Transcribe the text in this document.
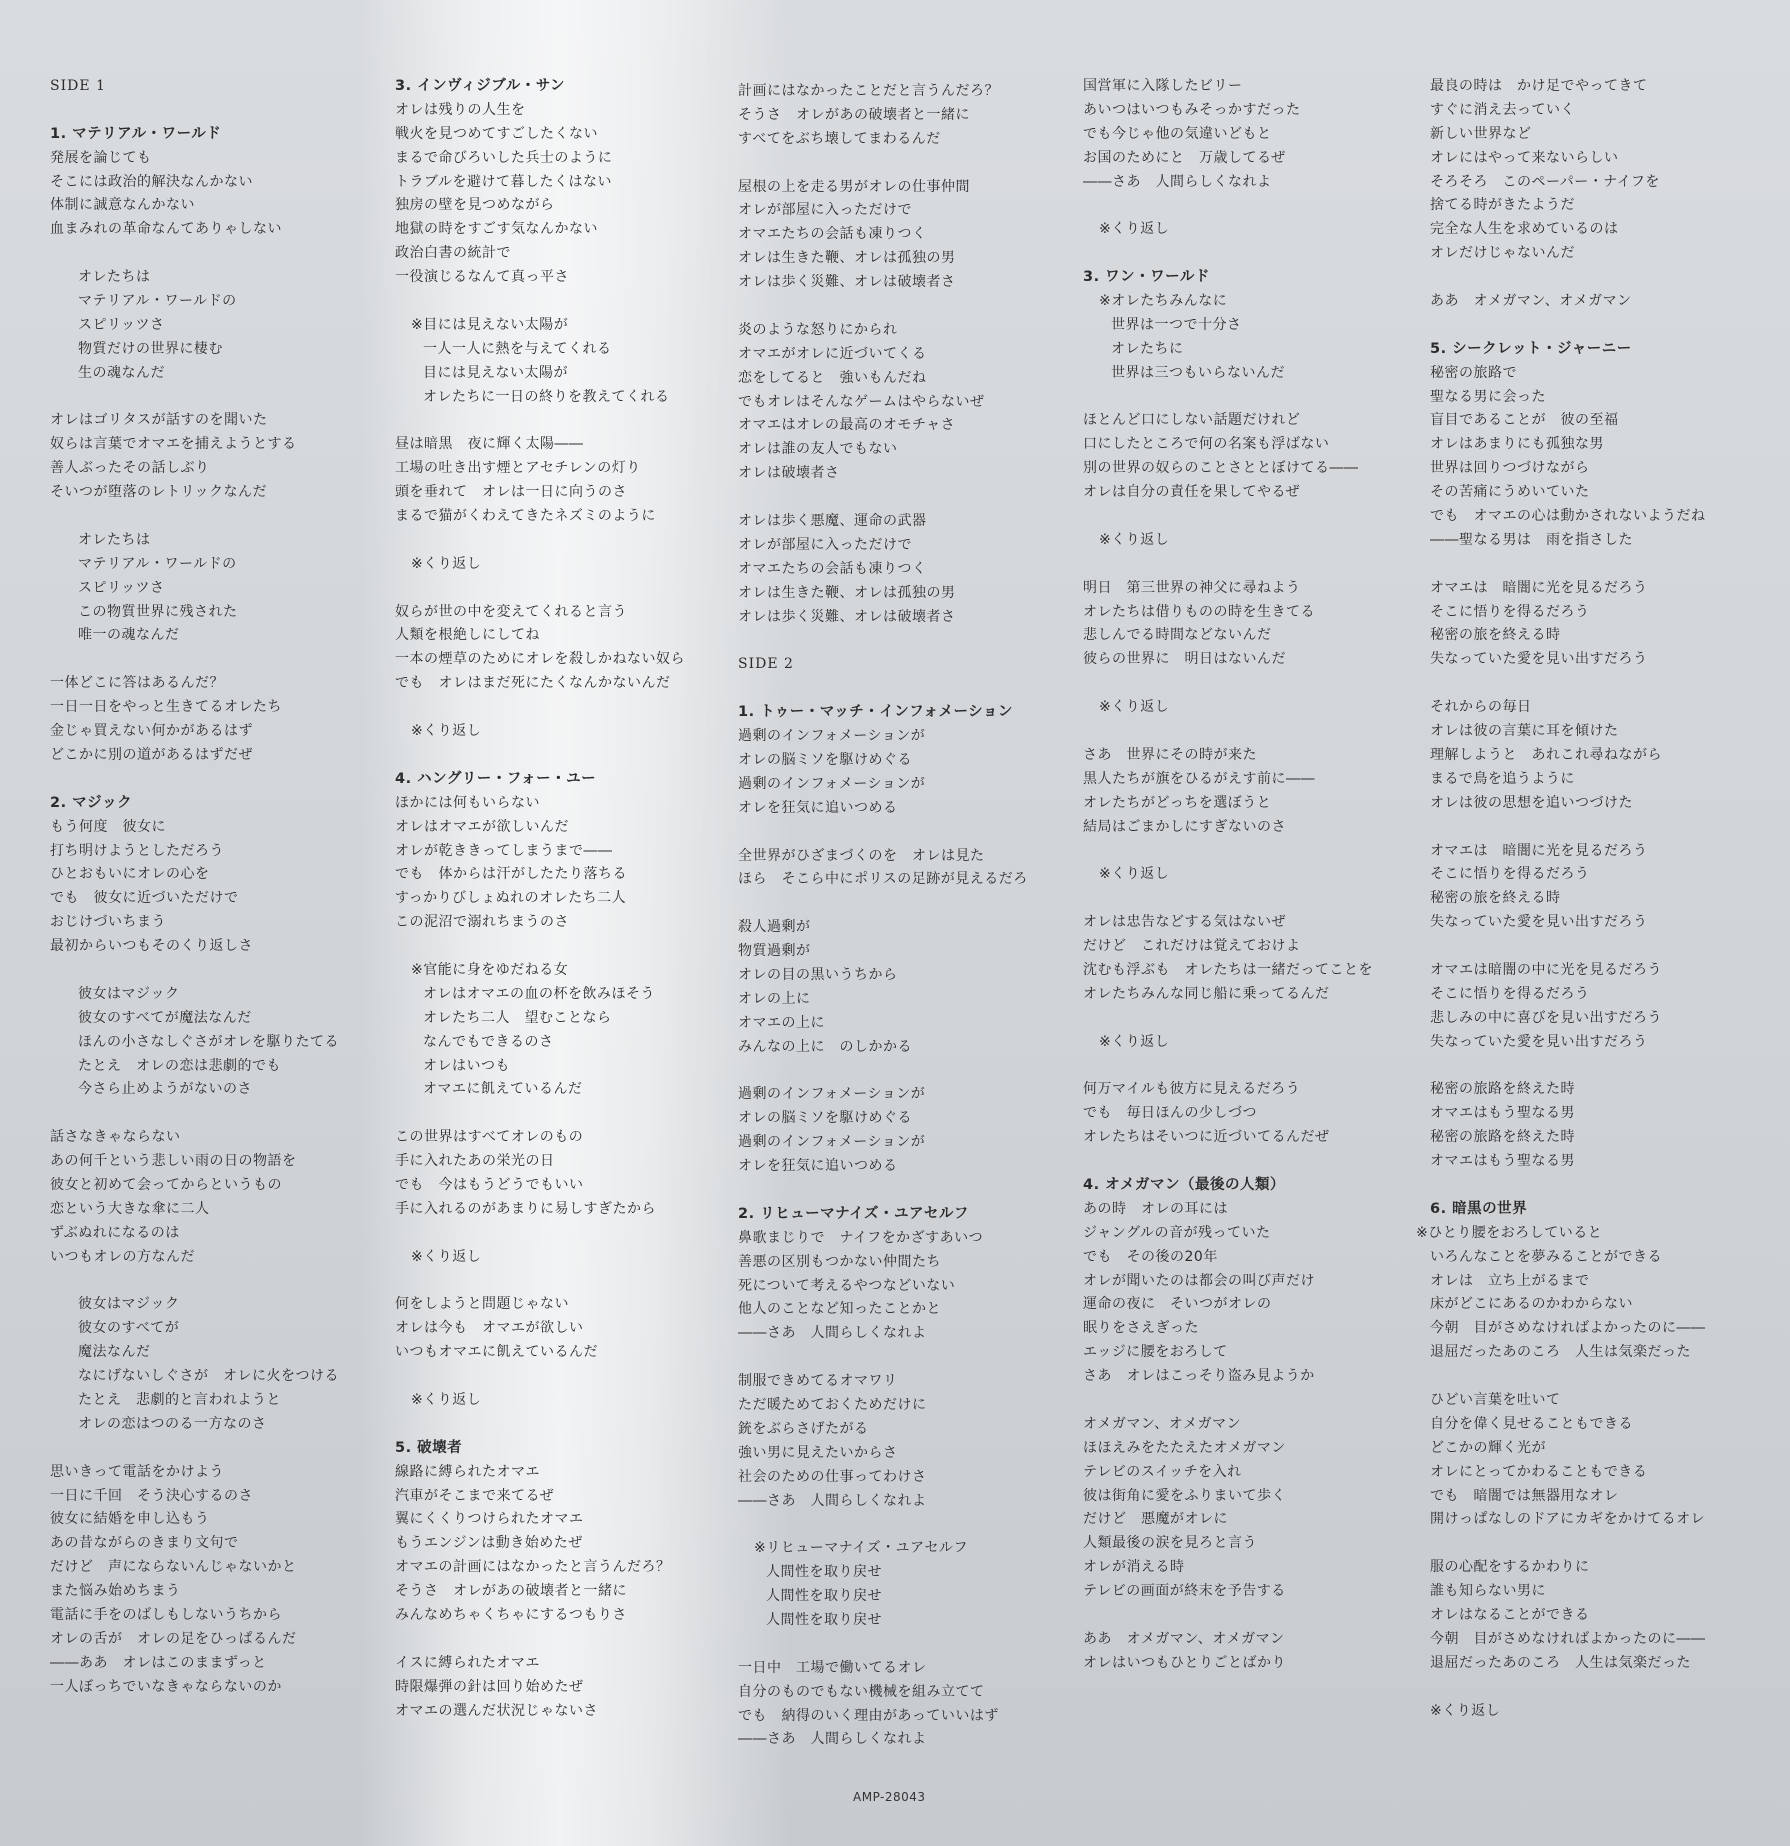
SIDE 1
1. マテリアル・ワールド
発展を論じても
そこには政治的解決なんかない
体制に誠意なんかない
血まみれの革命なんてありゃしない
オレたちは
マテリアル・ワールドの
スピリッツさ
物質だけの世界に棲む
生の魂なんだ
オレはゴリタスが話すのを聞いた
奴らは言葉でオマエを捕えようとする
善人ぶったその話しぶり
そいつが堕落のレトリックなんだ
オレたちは
マテリアル・ワールドの
スピリッツさ
この物質世界に残された
唯一の魂なんだ
一体どこに答はあるんだ？
一日一日をやっと生きてるオレたち
金じゃ買えない何かがあるはず
どこかに別の道があるはずだぜ
2. マジック
もう何度　彼女に
打ち明けようとしただろう
ひとおもいにオレの心を
でも　彼女に近づいただけで
おじけづいちまう
最初からいつもそのくり返しさ
彼女はマジック
彼女のすべてが魔法なんだ
ほんの小さなしぐさがオレを駆りたてる
たとえ　オレの恋は悲劇的でも
今さら止めようがないのさ
話さなきゃならない
あの何千という悲しい雨の日の物語を
彼女と初めて会ってからというもの
恋という大きな傘に二人
ずぶぬれになるのは
いつもオレの方なんだ
彼女はマジック
彼女のすべてが
魔法なんだ
なにげないしぐさが　オレに火をつける
たとえ　悲劇的と言われようと
オレの恋はつのる一方なのさ
思いきって電話をかけよう
一日に千回　そう決心するのさ
彼女に結婚を申し込もう
あの昔ながらのきまり文句で
だけど　声にならないんじゃないかと
また悩み始めちまう
電話に手をのばしもしないうちから
オレの舌が　オレの足をひっぱるんだ
――ああ　オレはこのままずっと
一人ぼっちでいなきゃならないのか
3. インヴィジブル・サン
オレは残りの人生を
戦火を見つめてすごしたくない
まるで命びろいした兵士のように
トラブルを避けて暮したくはない
独房の壁を見つめながら
地獄の時をすごす気なんかない
政治白書の統計で
一役演じるなんて真っ平さ
※目には見えない太陽が
一人一人に熱を与えてくれる
目には見えない太陽が
オレたちに一日の終りを教えてくれる
昼は暗黒　夜に輝く太陽――
工場の吐き出す煙とアセチレンの灯り
頭を垂れて　オレは一日に向うのさ
まるで猫がくわえてきたネズミのように
※くり返し
奴らが世の中を変えてくれると言う
人類を根絶しにしてね
一本の煙草のためにオレを殺しかねない奴ら
でも　オレはまだ死にたくなんかないんだ
※くり返し
4. ハングリー・フォー・ユー
ほかには何もいらない
オレはオマエが欲しいんだ
オレが乾ききってしまうまで――
でも　体からは汗がしたたり落ちる
すっかりびしょぬれのオレたち二人
この泥沼で溺れちまうのさ
※官能に身をゆだねる女
オレはオマエの血の杯を飲みほそう
オレたち二人　望むことなら
なんでもできるのさ
オレはいつも
オマエに飢えているんだ
この世界はすべてオレのもの
手に入れたあの栄光の日
でも　今はもうどうでもいい
手に入れるのがあまりに易しすぎたから
※くり返し
何をしようと問題じゃない
オレは今も　オマエが欲しい
いつもオマエに飢えているんだ
※くり返し
5. 破壊者
線路に縛られたオマエ
汽車がそこまで来てるぜ
翼にくくりつけられたオマエ
もうエンジンは動き始めたぜ
オマエの計画にはなかったと言うんだろ？
そうさ　オレがあの破壊者と一緒に
みんなめちゃくちゃにするつもりさ
イスに縛られたオマエ
時限爆弾の針は回り始めたぜ
オマエの選んだ状況じゃないさ
計画にはなかったことだと言うんだろ？
そうさ　オレがあの破壊者と一緒に
すべてをぶち壊してまわるんだ
屋根の上を走る男がオレの仕事仲間
オレが部屋に入っただけで
オマエたちの会話も凍りつく
オレは生きた鞭、オレは孤独の男
オレは歩く災難、オレは破壊者さ
炎のような怒りにかられ
オマエがオレに近づいてくる
恋をしてると　強いもんだね
でもオレはそんなゲームはやらないぜ
オマエはオレの最高のオモチャさ
オレは誰の友人でもない
オレは破壊者さ
オレは歩く悪魔、運命の武器
オレが部屋に入っただけで
オマエたちの会話も凍りつく
オレは生きた鞭、オレは孤独の男
オレは歩く災難、オレは破壊者さ
SIDE 2
1. トゥー・マッチ・インフォメーション
過剰のインフォメーションが
オレの脳ミソを駆けめぐる
過剰のインフォメーションが
オレを狂気に追いつめる
全世界がひざまづくのを　オレは見た
ほら　そこら中にポリスの足跡が見えるだろ
殺人過剰が
物質過剰が
オレの目の黒いうちから
オレの上に
オマエの上に
みんなの上に　のしかかる
過剰のインフォメーションが
オレの脳ミソを駆けめぐる
過剰のインフォメーションが
オレを狂気に追いつめる
2. リヒューマナイズ・ユアセルフ
鼻歌まじりで　ナイフをかざすあいつ
善悪の区別もつかない仲間たち
死について考えるやつなどいない
他人のことなど知ったことかと
――さあ　人間らしくなれよ
制服できめてるオマワリ
ただ暖ためておくためだけに
銃をぶらさげたがる
強い男に見えたいからさ
社会のための仕事ってわけさ
――さあ　人間らしくなれよ
※リヒューマナイズ・ユアセルフ
人間性を取り戻せ
人間性を取り戻せ
人間性を取り戻せ
一日中　工場で働いてるオレ
自分のものでもない機械を組み立てて
でも　納得のいく理由があっていいはず
――さあ　人間らしくなれよ
国営軍に入隊したビリー
あいつはいつもみそっかすだった
でも今じゃ他の気違いどもと
お国のためにと　万歳してるぜ
――さあ　人間らしくなれよ
※くり返し
3. ワン・ワールド
※オレたちみんなに
世界は一つで十分さ
オレたちに
世界は三つもいらないんだ
ほとんど口にしない話題だけれど
口にしたところで何の名案も浮ばない
別の世界の奴らのことさととぼけてる――
オレは自分の責任を果してやるぜ
※くり返し
明日　第三世界の神父に尋ねよう
オレたちは借りものの時を生きてる
悲しんでる時間などないんだ
彼らの世界に　明日はないんだ
※くり返し
さあ　世界にその時が来た
黒人たちが旗をひるがえす前に――
オレたちがどっちを選ぼうと
結局はごまかしにすぎないのさ
※くり返し
オレは忠告などする気はないぜ
だけど　これだけは覚えておけよ
沈むも浮ぶも　オレたちは一緒だってことを
オレたちみんな同じ船に乗ってるんだ
※くり返し
何万マイルも彼方に見えるだろう
でも　毎日ほんの少しづつ
オレたちはそいつに近づいてるんだぜ
4. オメガマン（最後の人類）
あの時　オレの耳には
ジャングルの音が残っていた
でも　その後の20年
オレが聞いたのは都会の叫び声だけ
運命の夜に　そいつがオレの
眠りをさえぎった
エッジに腰をおろして
さあ　オレはこっそり盗み見ようか
オメガマン、オメガマン
ほほえみをたたえたオメガマン
テレビのスイッチを入れ
彼は街角に愛をふりまいて歩く
だけど　悪魔がオレに
人類最後の涙を見ろと言う
オレが消える時
テレビの画面が終末を予告する
ああ　オメガマン、オメガマン
オレはいつもひとりごとばかり
最良の時は　かけ足でやってきて
すぐに消え去っていく
新しい世界など
オレにはやって来ないらしい
そろそろ　このペーパー・ナイフを
捨てる時がきたようだ
完全な人生を求めているのは
オレだけじゃないんだ
ああ　オメガマン、オメガマン
5. シークレット・ジャーニー
秘密の旅路で
聖なる男に会った
盲目であることが　彼の至福
オレはあまりにも孤独な男
世界は回りつづけながら
その苦痛にうめいていた
でも　オマエの心は動かされないようだね
――聖なる男は　雨を指さした
オマエは　暗闇に光を見るだろう
そこに悟りを得るだろう
秘密の旅を終える時
失なっていた愛を見い出すだろう
それからの毎日
オレは彼の言葉に耳を傾けた
理解しようと　あれこれ尋ねながら
まるで鳥を追うように
オレは彼の思想を追いつづけた
オマエは　暗闇に光を見るだろう
そこに悟りを得るだろう
秘密の旅を終える時
失なっていた愛を見い出すだろう
オマエは暗闇の中に光を見るだろう
そこに悟りを得るだろう
悲しみの中に喜びを見い出すだろう
失なっていた愛を見い出すだろう
秘密の旅路を終えた時
オマエはもう聖なる男
秘密の旅路を終えた時
オマエはもう聖なる男
6. 暗黒の世界
※ひとり腰をおろしていると
いろんなことを夢みることができる
オレは　立ち上がるまで
床がどこにあるのかわからない
今朝　目がさめなければよかったのに――
退屈だったあのころ　人生は気楽だった
ひどい言葉を吐いて
自分を偉く見せることもできる
どこかの輝く光が
オレにとってかわることもできる
でも　暗闇では無器用なオレ
開けっぱなしのドアにカギをかけてるオレ
服の心配をするかわりに
誰も知らない男に
オレはなることができる
今朝　目がさめなければよかったのに――
退屈だったあのころ　人生は気楽だった
※くり返し
AMP-28043
